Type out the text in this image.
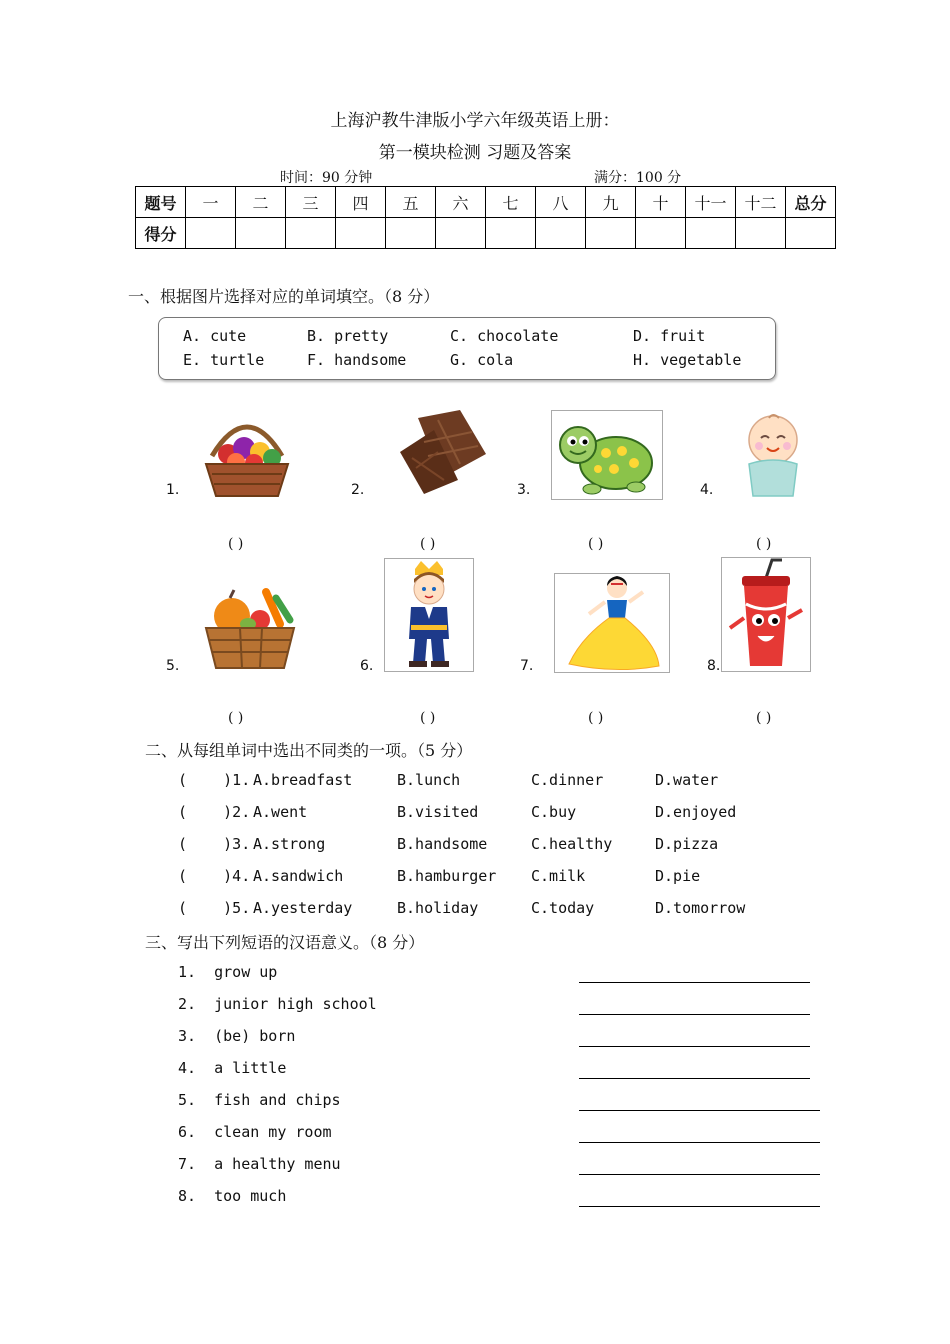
上海沪教牛津版小学六年级英语上册：
第一模块检测 习题及答案
时间：90 分钟	满分：100 分
题号	一	二	三	四	五	六	七	八	九	十	十一	十二	总分
得分													
一、根据图片选择对应的单词填空。（8 分）
A. cute	B. pretty	C. chocolate	D. fruit
E. turtle	F. handsome	G. cola	H. vegetable
1.
( )
2.
( )
3.
( )
4.
( )
5.
( )
6.
( )
7.
( )
8.
( )
二、从每组单词中选出不同类的一项。（5 分）
(    )1. A.breadfast	B.lunch	C.dinner	D.water
(    )2. A.went	B.visited	C.buy	D.enjoyed
(    )3. A.strong	B.handsome	C.healthy	D.pizza
(    )4. A.sandwich	B.hamburger C.milk	D.pie
(    )5. A.yesterday	B.holiday	C.today	D.tomorrow
三、写出下列短语的汉语意义。（8 分）
1.  grow up
2.  junior high school
3.  (be) born
4.  a little
5.  fish and chips
6.  clean my room
7.  a healthy menu
8.  too much
